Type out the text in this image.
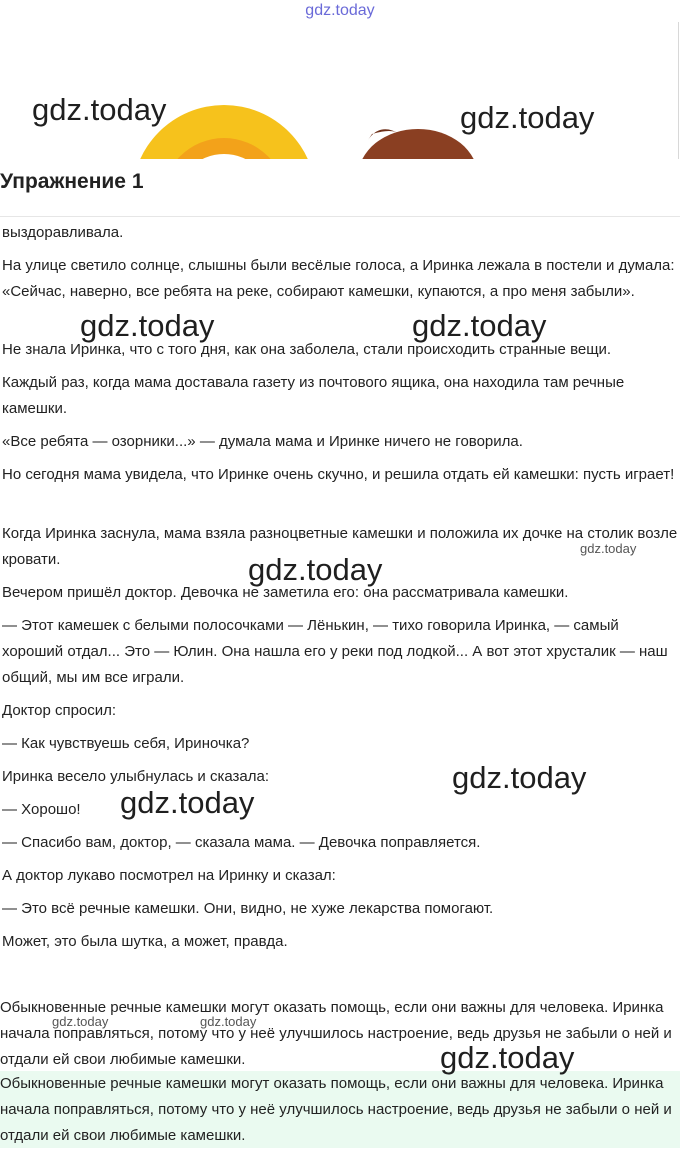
gdz.today
Упражнение 1

выздоравливала.

На улице светило солнце, слышны были весёлые голоса, а Иринка лежала в постели и думала: «Сейчас, наверно, все ребята на реке, собирают камешки, купаются, а про меня забыли».

Не знала Иринка, что с того дня, как она заболела, стали происходить странные вещи.

Каждый раз, когда мама доставала газету из почтового ящика, она находила там речные камешки.

«Все ребята — озорники...» — думала мама и Иринке ничего не говорила.

Но сегодня мама увидела, что Иринке очень скучно, и решила отдать ей камешки: пусть играет!

Когда Иринка заснула, мама взяла разноцветные камешки и положила их дочке на столик возле кровати.

Вечером пришёл доктор. Девочка не заметила его: она рассматривала камешки.

— Этот камешек с белыми полосочками — Лёнькин, — тихо говорила Иринка, — самый хороший отдал... Это — Юлин. Она нашла его у реки под лодкой... А вот этот хрусталик — наш общий, мы им все играли.

Доктор спросил:

— Как чувствуешь себя, Ириночка?

Иринка весело улыбнулась и сказала:

— Хорошо!

— Спасибо вам, доктор, — сказала мама. — Девочка поправляется.

А доктор лукаво посмотрел на Иринку и сказал:

— Это всё речные камешки. Они, видно, не хуже лекарства помогают.

Может, это была шутка, а может, правда.

Обыкновенные речные камешки могут оказать помощь, если они важны для человека. Иринка начала поправляться, потому что у неё улучшилось настроение, ведь друзья не забыли о ней и отдали ей свои любимые камешки.
Обыкновенные речные камешки могут оказать помощь, если они важны для человека. Иринка начала поправляться, потому что у неё улучшилось настроение, ведь друзья не забыли о ней и отдали ей свои любимые камешки.
gdz.today	gdz.today
gdz.today	gdz.today
gdz.today
gdz.today
gdz.today
gdz.today
gdz.today	gdz.today
gdz.today
